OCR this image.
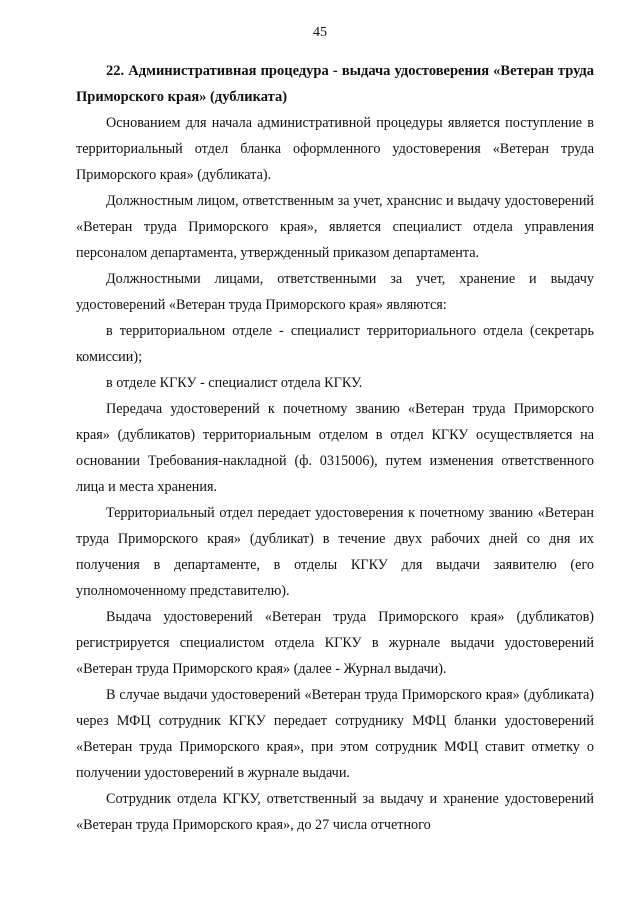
45

22. Административная процедура - выдача удостоверения «Ветеран труда Приморского края» (дубликата)

Основанием для начала административной процедуры является поступление в территориальный отдел бланка оформленного удостоверения «Ветеран труда Приморского края» (дубликата).

Должностным лицом, ответственным за учет, хранснис и выдачу удостоверений «Ветеран труда Приморского края», является специалист отдела управления персоналом департамента, утвержденный приказом департамента.

Должностными лицами, ответственными за учет, хранение и выдачу удостоверений «Ветеран труда Приморского края» являются:

в территориальном отделе - специалист территориального отдела (секретарь комиссии);

в отделе КГКУ - специалист отдела КГКУ.

Передача удостоверений к почетному званию «Ветеран труда Приморского края» (дубликатов) территориальным отделом в отдел КГКУ осуществляется на основании Требования-накладной (ф. 0315006), путем изменения ответственного лица и места хранения.

Территориальный отдел передает удостоверения к почетному званию «Ветеран труда Приморского края» (дубликат) в течение двух рабочих дней со дня их получения в департаменте, в отделы КГКУ для выдачи заявителю (его уполномоченному представителю).

Выдача удостоверений «Ветеран труда Приморского края» (дубликатов) регистрируется специалистом отдела КГКУ в журнале выдачи удостоверений «Ветеран труда Приморского края» (далее - Журнал выдачи).

В случае выдачи удостоверений «Ветеран труда Приморского края» (дубликата) через МФЦ сотрудник КГКУ передает сотруднику МФЦ бланки удостоверений «Ветеран труда Приморского края», при этом сотрудник МФЦ ставит отметку о получении удостоверений в журнале выдачи.

Сотрудник отдела КГКУ, ответственный за выдачу и хранение удостоверений «Ветеран труда Приморского края», до 27 числа отчетного
